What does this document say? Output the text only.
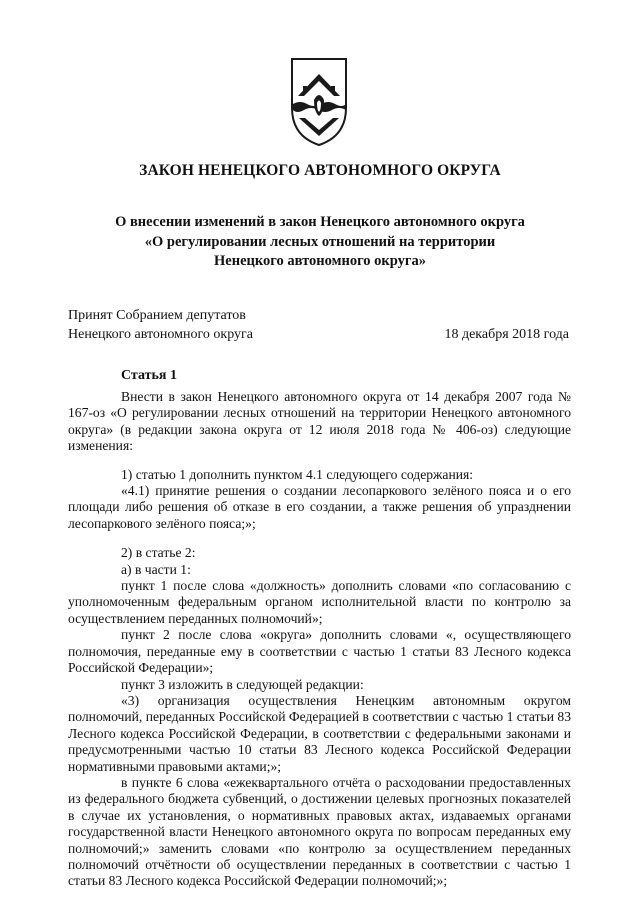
ЗАКОН НЕНЕЦКОГО АВТОНОМНОГО ОКРУГА
О внесении изменений в закон Ненецкого автономного округа
«О регулировании лесных отношений на территории
Ненецкого автономного округа»
Принят Собранием депутатов
Ненецкого автономного округа	18 декабря 2018 года
Статья 1

Внести в закон Ненецкого автономного округа от 14 декабря 2007 года № 167-оз «О регулировании лесных отношений на территории Ненецкого автономного округа» (в редакции закона округа от 12 июля 2018 года № 406-оз) следующие изменения:

1) статью 1 дополнить пунктом 4.1 следующего содержания:

«4.1) принятие решения о создании лесопаркового зелёного пояса и о его площади либо решения об отказе в его создании, а также решения об упразднении лесопаркового зелёного пояса;»;

2) в статье 2:

а) в части 1:

пункт 1 после слова «должность» дополнить словами «по согласованию с уполномоченным федеральным органом исполнительной власти по контролю за осуществлением переданных полномочий»;

пункт 2 после слова «округа» дополнить словами «, осуществляющего полномочия, переданные ему в соответствии с частью 1 статьи 83 Лесного кодекса Российской Федерации»;

пункт 3 изложить в следующей редакции:

«3) организация осуществления Ненецким автономным округом полномочий, переданных Российской Федерацией в соответствии с частью 1 статьи 83 Лесного кодекса Российской Федерации, в соответствии с федеральными законами и предусмотренными частью 10 статьи 83 Лесного кодекса Российской Федерации нормативными правовыми актами;»;

в пункте 6 слова «ежеквартального отчёта о расходовании предоставленных из федерального бюджета субвенций, о достижении целевых прогнозных показателей в случае их установления, о нормативных правовых актах, издаваемых органами государственной власти Ненецкого автономного округа по вопросам переданных ему полномочий;» заменить словами «по контролю за осуществлением переданных полномочий отчётности об осуществлении переданных в соответствии с частью 1 статьи 83 Лесного кодекса Российской Федерации полномочий;»;
